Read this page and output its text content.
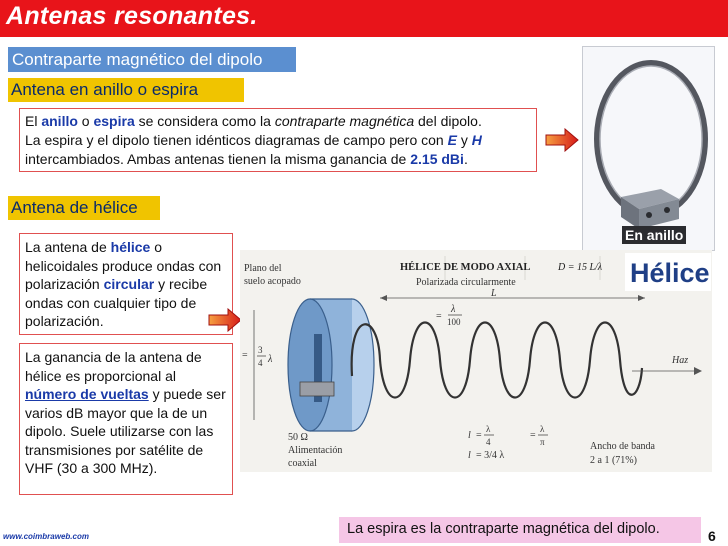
Antenas resonantes.
Contraparte magnético del dipolo
Antena en anillo o espira
El anillo o espira se considera como la contraparte magnética del dipolo.
La espira y el dipolo tienen idénticos diagramas de campo pero con E y H
intercambiados. Ambas antenas tienen la misma ganancia de 2.15 dBi.
En anillo
Antena de hélice
La antena de hélice o helicoidales produce ondas con polarización circular y recibe ondas con cualquier tipo de polarización.
La ganancia de la antena de hélice es proporcional al número de vueltas y puede ser varios dB mayor que la de un dipolo. Suele utilizarse con las transmisiones por satélite de VHF (30 a 300 MHz).
Plano del
suelo acopado
HÉLICE DE MODO AXIAL	D = 15 L/λ
Polarizada circularmente	Hélice
L
λ
100
=
= 3
4 λ	Haz
50 Ω
Alimentación
coaxial
l =
λ
4
=
λ
π
l = 3/4 λ
Ancho de banda
2 a 1 (71%)
www.coimbraweb.com	La espira es la contraparte magnética del dipolo.	6
